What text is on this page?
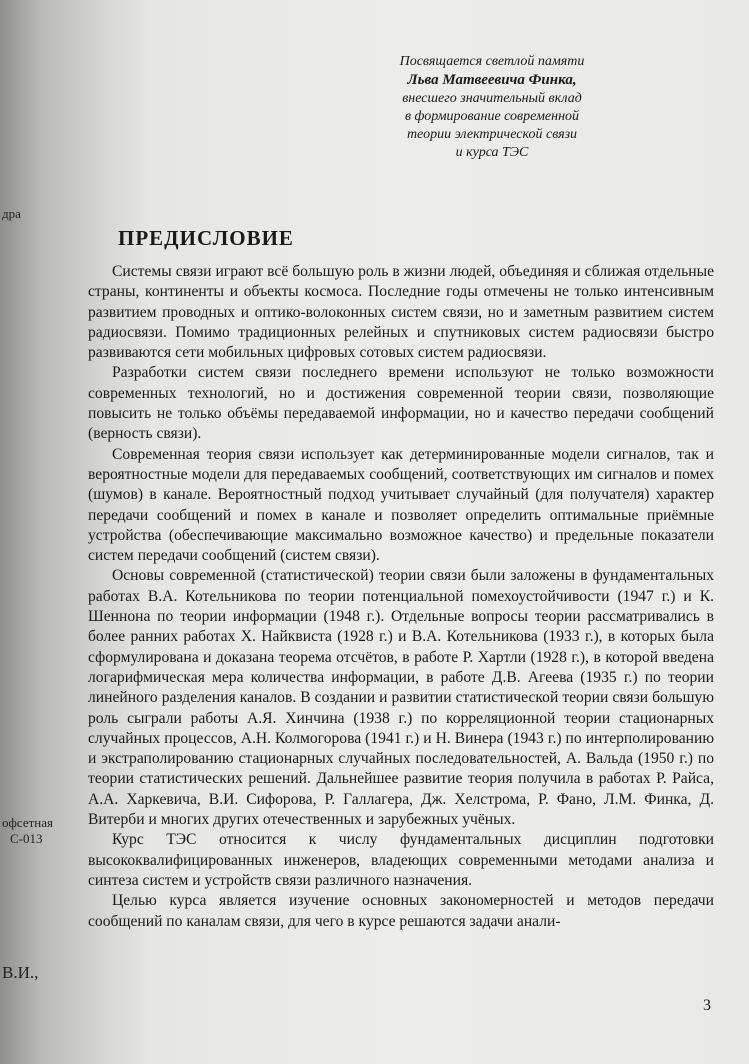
дра
офсетная
С-013
В.И.,
Посвящается светлой памяти
Льва Матвеевича Финка,
внесшего значительный вклад
в формирование современной
теории электрической связи
и курса ТЭС
ПРЕДИСЛОВИЕ

Системы связи играют всё большую роль в жизни людей, объединяя и сближая отдельные страны, континенты и объекты космоса. Последние годы отмечены не только интенсивным развитием проводных и оптико-волоконных систем связи, но и заметным развитием систем радиосвязи. Помимо традиционных релейных и спутниковых систем радиосвязи быстро развиваются сети мобильных цифровых сотовых систем радиосвязи.

Разработки систем связи последнего времени используют не только возможности современных технологий, но и достижения современной теории связи, позволяющие повысить не только объёмы передаваемой информации, но и качество передачи сообщений (верность связи).

Современная теория связи использует как детерминированные модели сигналов, так и вероятностные модели для передаваемых сообщений, соответствующих им сигналов и помех (шумов) в канале. Вероятностный подход учитывает случайный (для получателя) характер передачи сообщений и помех в канале и позволяет определить оптимальные приёмные устройства (обеспечивающие максимально возможное качество) и предельные показатели систем передачи сообщений (систем связи).

Основы современной (статистической) теории связи были заложены в фундаментальных работах В.А. Котельникова по теории потенциальной помехоустойчивости (1947 г.) и К. Шеннона по теории информации (1948 г.). Отдельные вопросы теории рассматривались в более ранних работах Х. Найквиста (1928 г.) и В.А. Котельникова (1933 г.), в которых была сформулирована и доказана теорема отсчётов, в работе Р. Хартли (1928 г.), в которой введена логарифмическая мера количества информации, в работе Д.В. Агеева (1935 г.) по теории линейного разделения каналов. В создании и развитии статистической теории связи большую роль сыграли работы А.Я. Хинчина (1938 г.) по корреляционной теории стационарных случайных процессов, А.Н. Колмогорова (1941 г.) и Н. Винера (1943 г.) по интерполированию и экстраполированию стационарных случайных последовательностей, А. Вальда (1950 г.) по теории статистических решений. Дальнейшее развитие теория получила в работах Р. Райса, А.А. Харкевича, В.И. Сифорова, Р. Галлагера, Дж. Хелстрома, Р. Фано, Л.М. Финка, Д. Витерби и многих других отечественных и зарубежных учёных.

Курс ТЭС относится к числу фундаментальных дисциплин подготовки высококвалифицированных инженеров, владеющих современными методами анализа и синтеза систем и устройств связи различного назначения.

Целью курса является изучение основных закономерностей и методов передачи сообщений по каналам связи, для чего в курсе решаются задачи анали-

3
